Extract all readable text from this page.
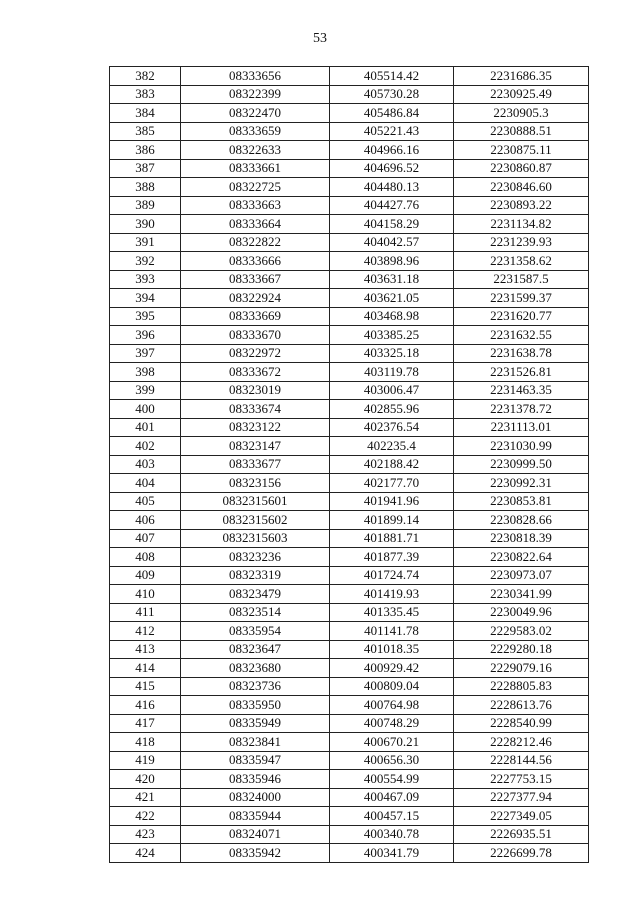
53
382	08333656	405514.42	2231686.35
383	08322399	405730.28	2230925.49
384	08322470	405486.84	2230905.3
385	08333659	405221.43	2230888.51
386	08322633	404966.16	2230875.11
387	08333661	404696.52	2230860.87
388	08322725	404480.13	2230846.60
389	08333663	404427.76	2230893.22
390	08333664	404158.29	2231134.82
391	08322822	404042.57	2231239.93
392	08333666	403898.96	2231358.62
393	08333667	403631.18	2231587.5
394	08322924	403621.05	2231599.37
395	08333669	403468.98	2231620.77
396	08333670	403385.25	2231632.55
397	08322972	403325.18	2231638.78
398	08333672	403119.78	2231526.81
399	08323019	403006.47	2231463.35
400	08333674	402855.96	2231378.72
401	08323122	402376.54	2231113.01
402	08323147	402235.4	2231030.99
403	08333677	402188.42	2230999.50
404	08323156	402177.70	2230992.31
405	0832315601	401941.96	2230853.81
406	0832315602	401899.14	2230828.66
407	0832315603	401881.71	2230818.39
408	08323236	401877.39	2230822.64
409	08323319	401724.74	2230973.07
410	08323479	401419.93	2230341.99
411	08323514	401335.45	2230049.96
412	08335954	401141.78	2229583.02
413	08323647	401018.35	2229280.18
414	08323680	400929.42	2229079.16
415	08323736	400809.04	2228805.83
416	08335950	400764.98	2228613.76
417	08335949	400748.29	2228540.99
418	08323841	400670.21	2228212.46
419	08335947	400656.30	2228144.56
420	08335946	400554.99	2227753.15
421	08324000	400467.09	2227377.94
422	08335944	400457.15	2227349.05
423	08324071	400340.78	2226935.51
424	08335942	400341.79	2226699.78
